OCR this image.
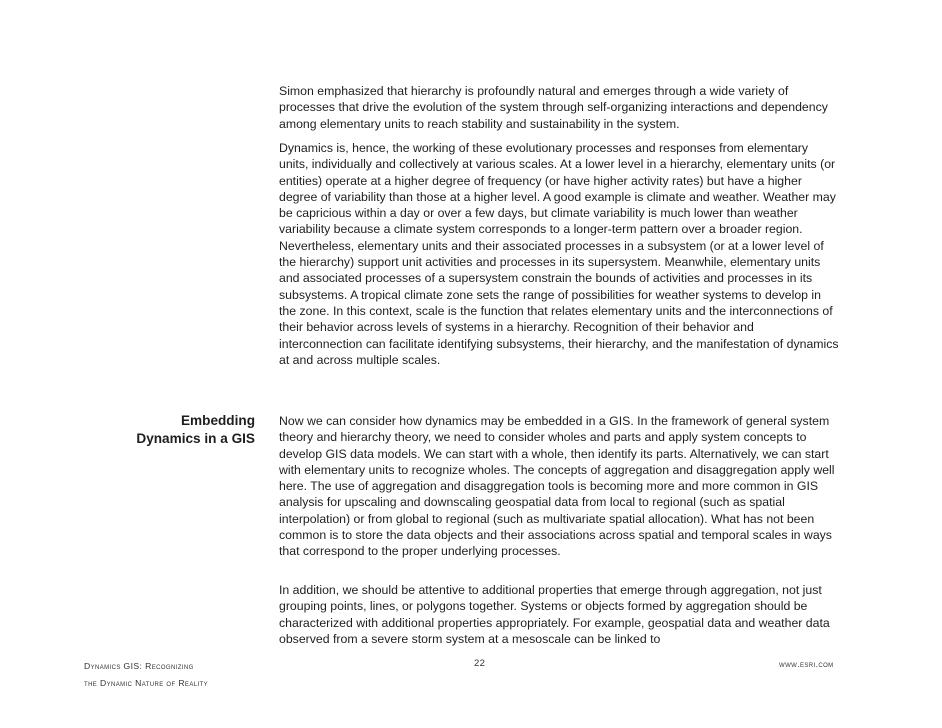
Simon emphasized that hierarchy is profoundly natural and emerges through a wide variety of processes that drive the evolution of the system through self-organizing interactions and dependency among elementary units to reach stability and sustainability in the system.

Dynamics is, hence, the working of these evolutionary processes and responses from elementary units, individually and collectively at various scales. At a lower level in a hierarchy, elementary units (or entities) operate at a higher degree of frequency (or have higher activity rates) but have a higher degree of variability than those at a higher level. A good example is climate and weather. Weather may be capricious within a day or over a few days, but climate variability is much lower than weather variability because a climate system corresponds to a longer-term pattern over a broader region. Nevertheless, elementary units and their associated processes in a subsystem (or at a lower level of the hierarchy) support unit activities and processes in its supersystem. Meanwhile, elementary units and associated processes of a supersystem constrain the bounds of activities and processes in its subsystems. A tropical climate zone sets the range of possibilities for weather systems to develop in the zone. In this context, scale is the function that relates elementary units and the interconnections of their behavior across levels of systems in a hierarchy. Recognition of their behavior and interconnection can facilitate identifying subsystems, their hierarchy, and the manifestation of dynamics at and across multiple scales.

Embedding
Dynamics in a GIS

Now we can consider how dynamics may be embedded in a GIS. In the framework of general system theory and hierarchy theory, we need to consider wholes and parts and apply system concepts to develop GIS data models. We can start with a whole, then identify its parts. Alternatively, we can start with elementary units to recognize wholes. The concepts of aggregation and disaggregation apply well here. The use of aggregation and disaggregation tools is becoming more and more common in GIS analysis for upscaling and downscaling geospatial data from local to regional (such as spatial interpolation) or from global to regional (such as multivariate spatial allocation). What has not been common is to store the data objects and their associations across spatial and temporal scales in ways that correspond to the proper underlying processes.

In addition, we should be attentive to additional properties that emerge through aggregation, not just grouping points, lines, or polygons together. Systems or objects formed by aggregation should be characterized with additional properties appropriately. For example, geospatial data and weather data observed from a severe storm system at a mesoscale can be linked to

Dynamics GIS: Recognizing
the Dynamic Nature of Reality
22	www.esri.com
